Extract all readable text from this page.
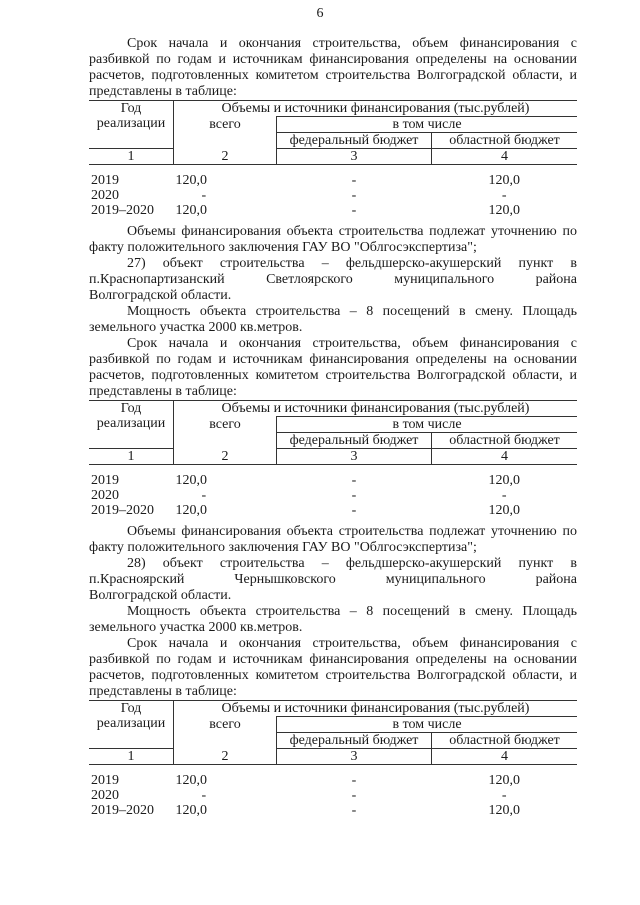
6

Срок начала и окончания строительства, объем финансирования с разбивкой по годам и источникам финансирования определены на основании расчетов, подготовленных комитетом строительства Волгоградской области, и представлены в таблице:

Год реализации	Объемы и источники финансирования (тыс.рублей)		
	всего	в том числе	
		федеральный бюджет	областной бюджет
1	2	3	4

2019	120,0	-	120,0
2020	-	-	-
2019–2020	120,0	-	120,0

Объемы финансирования объекта строительства подлежат уточнению по факту положительного заключения ГАУ ВО "Облгосэкспертиза";

27) объект строительства – фельдшерско-акушерский пункт в п.Краснопартизанский Светлоярского муниципального района

Волгоградской области.

Мощность объекта строительства – 8 посещений в смену. Площадь земельного участка 2000 кв.метров.

Срок начала и окончания строительства, объем финансирования с разбивкой по годам и источникам финансирования определены на основании расчетов, подготовленных комитетом строительства Волгоградской области, и представлены в таблице:

Год реализации	Объемы и источники финансирования (тыс.рублей)		
	всего	в том числе	
		федеральный бюджет	областной бюджет
1	2	3	4

2019	120,0	-	120,0
2020	-	-	-
2019–2020	120,0	-	120,0

Объемы финансирования объекта строительства подлежат уточнению по факту положительного заключения ГАУ ВО "Облгосэкспертиза";

28) объект строительства – фельдшерско-акушерский пункт в п.Красноярский Чернышковского муниципального района

Волгоградской области.

Мощность объекта строительства – 8 посещений в смену. Площадь земельного участка 2000 кв.метров.

Срок начала и окончания строительства, объем финансирования с разбивкой по годам и источникам финансирования определены на основании расчетов, подготовленных комитетом строительства Волгоградской области, и представлены в таблице:

Год реализации	Объемы и источники финансирования (тыс.рублей)		
	всего	в том числе	
		федеральный бюджет	областной бюджет
1	2	3	4

2019	120,0	-	120,0
2020	-	-	-
2019–2020	120,0	-	120,0
